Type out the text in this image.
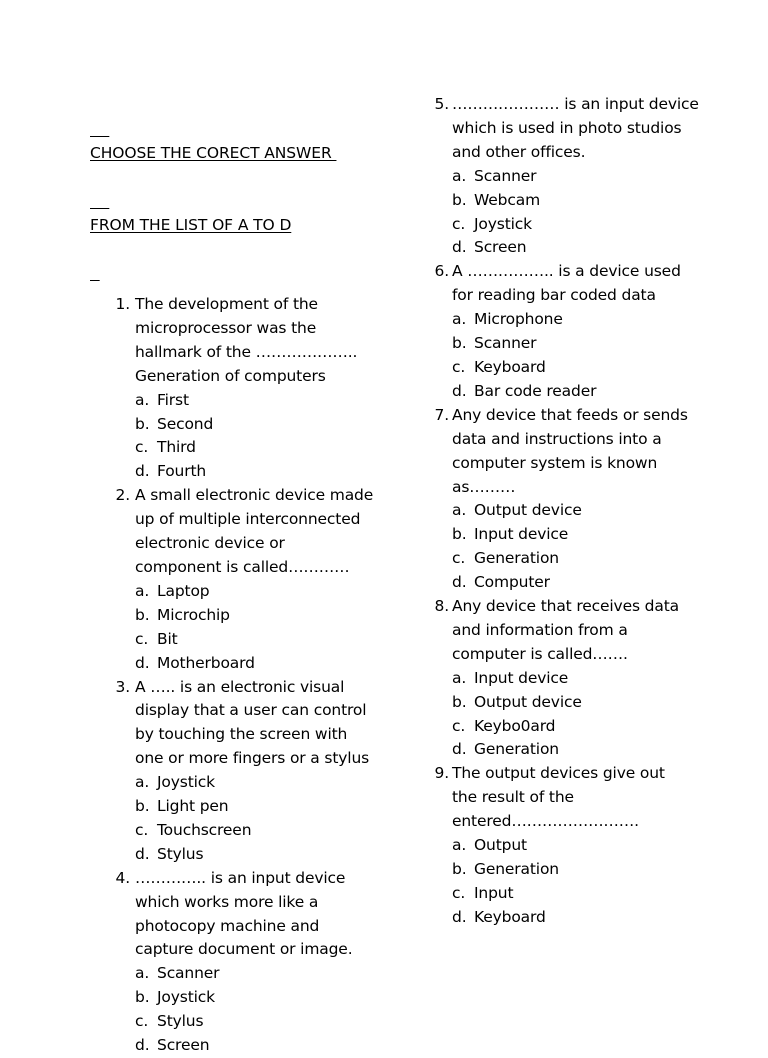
CHOOSE THE CORECT ANSWER

FROM THE LIST OF A TO D

1. The development of the
microprocessor was the
hallmark of the ………………..
Generation of computers
a. First
b. Second
c. Third
d. Fourth
2. A small electronic device made
up of multiple interconnected
electronic device or
component is called…………
a. Laptop
b. Microchip
c. Bit
d. Motherboard
3. A ….. is an electronic visual
display that a user can control
by touching the screen with
one or more fingers or a stylus
a. Joystick
b. Light pen
c. Touchscreen
d. Stylus
4. ………….. is an input device
which works more like a
photocopy machine and
capture document or image.
a. Scanner
b. Joystick
c. Stylus
d. Screen
5. ………………… is an input device
which is used in photo studios
and other offices.
a. Scanner
b. Webcam
c. Joystick
d. Screen
6. A …………….. is a device used
for reading bar coded data
a. Microphone
b. Scanner
c. Keyboard
d. Bar code reader
7. Any device that feeds or sends
data and instructions into a
computer system is known
as………
a. Output device
b. Input device
c. Generation
d. Computer
8. Any device that receives data
and information from a
computer is called…….
a. Input device
b. Output device
c. Keybo0ard
d. Generation
9. The output devices give out
the result of the
entered…………………….
a. Output
b. Generation
c. Input
d. Keyboard
